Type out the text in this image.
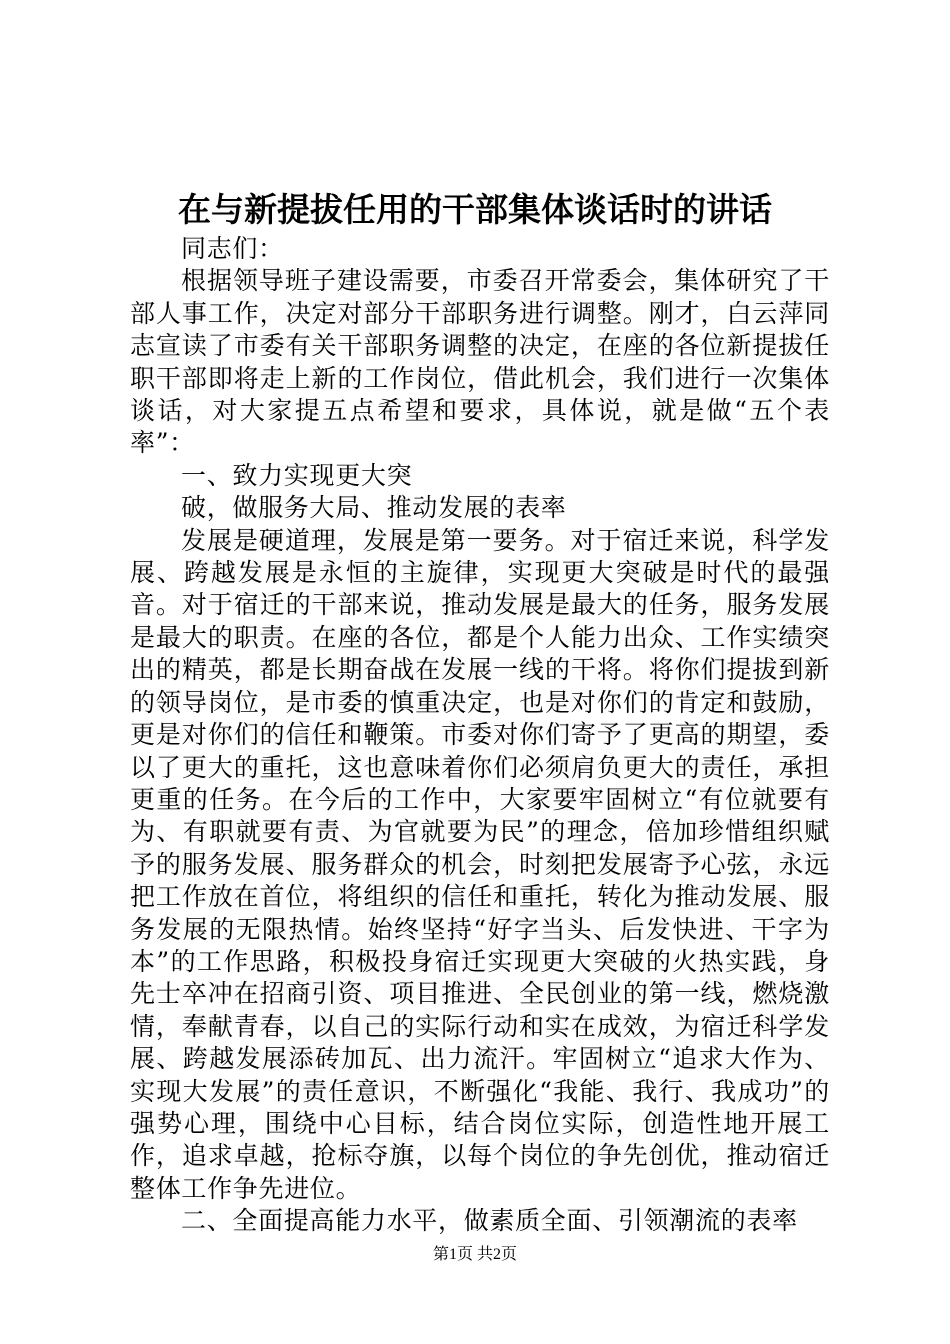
在与新提拔任用的干部集体谈话时的讲话

同志们：

根据领导班子建设需要，市委召开常委会，集体研究了干部人事工作，决定对部分干部职务进行调整。刚才，白云萍同志宣读了市委有关干部职务调整的决定，在座的各位新提拔任职干部即将走上新的工作岗位，借此机会，我们进行一次集体谈话，对大家提五点希望和要求，具体说，就是做“五个表率”：

一、致力实现更大突

破，做服务大局、推动发展的表率

发展是硬道理，发展是第一要务。对于宿迁来说，科学发展、跨越发展是永恒的主旋律，实现更大突破是时代的最强音。对于宿迁的干部来说，推动发展是最大的任务，服务发展是最大的职责。在座的各位，都是个人能力出众、工作实绩突出的精英，都是长期奋战在发展一线的干将。将你们提拔到新的领导岗位，是市委的慎重决定，也是对你们的肯定和鼓励，更是对你们的信任和鞭策。市委对你们寄予了更高的期望，委以了更大的重托，这也意味着你们必须肩负更大的责任，承担更重的任务。在今后的工作中，大家要牢固树立“有位就要有为、有职就要有责、为官就要为民”的理念，倍加珍惜组织赋予的服务发展、服务群众的机会，时刻把发展寄予心弦，永远把工作放在首位，将组织的信任和重托，转化为推动发展、服务发展的无限热情。始终坚持“好字当头、后发快进、干字为本”的工作思路，积极投身宿迁实现更大突破的火热实践，身先士卒冲在招商引资、项目推进、全民创业的第一线，燃烧激情，奉献青春，以自己的实际行动和实在成效，为宿迁科学发展、跨越发展添砖加瓦、出力流汗。牢固树立“追求大作为、实现大发展”的责任意识，不断强化“我能、我行、我成功”的强势心理，围绕中心目标，结合岗位实际，创造性地开展工作，追求卓越，抢标夺旗，以每个岗位的争先创优，推动宿迁整体工作争先进位。

二、全面提高能力水平，做素质全面、引领潮流的表率

第1页 共2页
